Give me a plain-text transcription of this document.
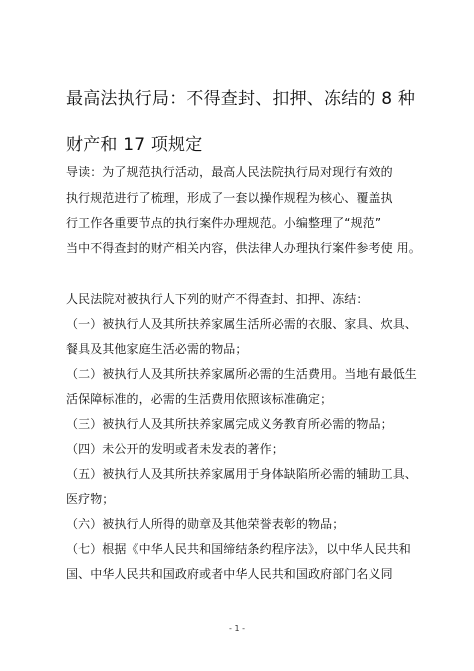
最高法执行局：不得查封、扣押、冻结的 8 种
财产和 17 项规定
导读：为了规范执行活动，最高人民法院执行局对现行有效的
执行规范进行了梳理，形成了一套以操作规程为核心、覆盖执
行工作各重要节点的执行案件办理规范。小编整理了“规范”
当中不得查封的财产相关内容，供法律人办理执行案件参考使 用。
人民法院对被执行人下列的财产不得查封、扣押、冻结：
（一）被执行人及其所扶养家属生活所必需的衣服、家具、炊具、
餐具及其他家庭生活必需的物品；
（二）被执行人及其所扶养家属所必需的生活费用。当地有最低生
活保障标准的，必需的生活费用依照该标准确定；
（三）被执行人及其所扶养家属完成义务教育所必需的物品；
（四）未公开的发明或者未发表的著作；
（五）被执行人及其所扶养家属用于身体缺陷所必需的辅助工具、
医疗物；
（六）被执行人所得的勋章及其他荣誉表彰的物品；
（七）根据《中华人民共和国缔结条约程序法》，以中华人民共和
国、中华人民共和国政府或者中华人民共和国政府部门名义同
- 1 -
